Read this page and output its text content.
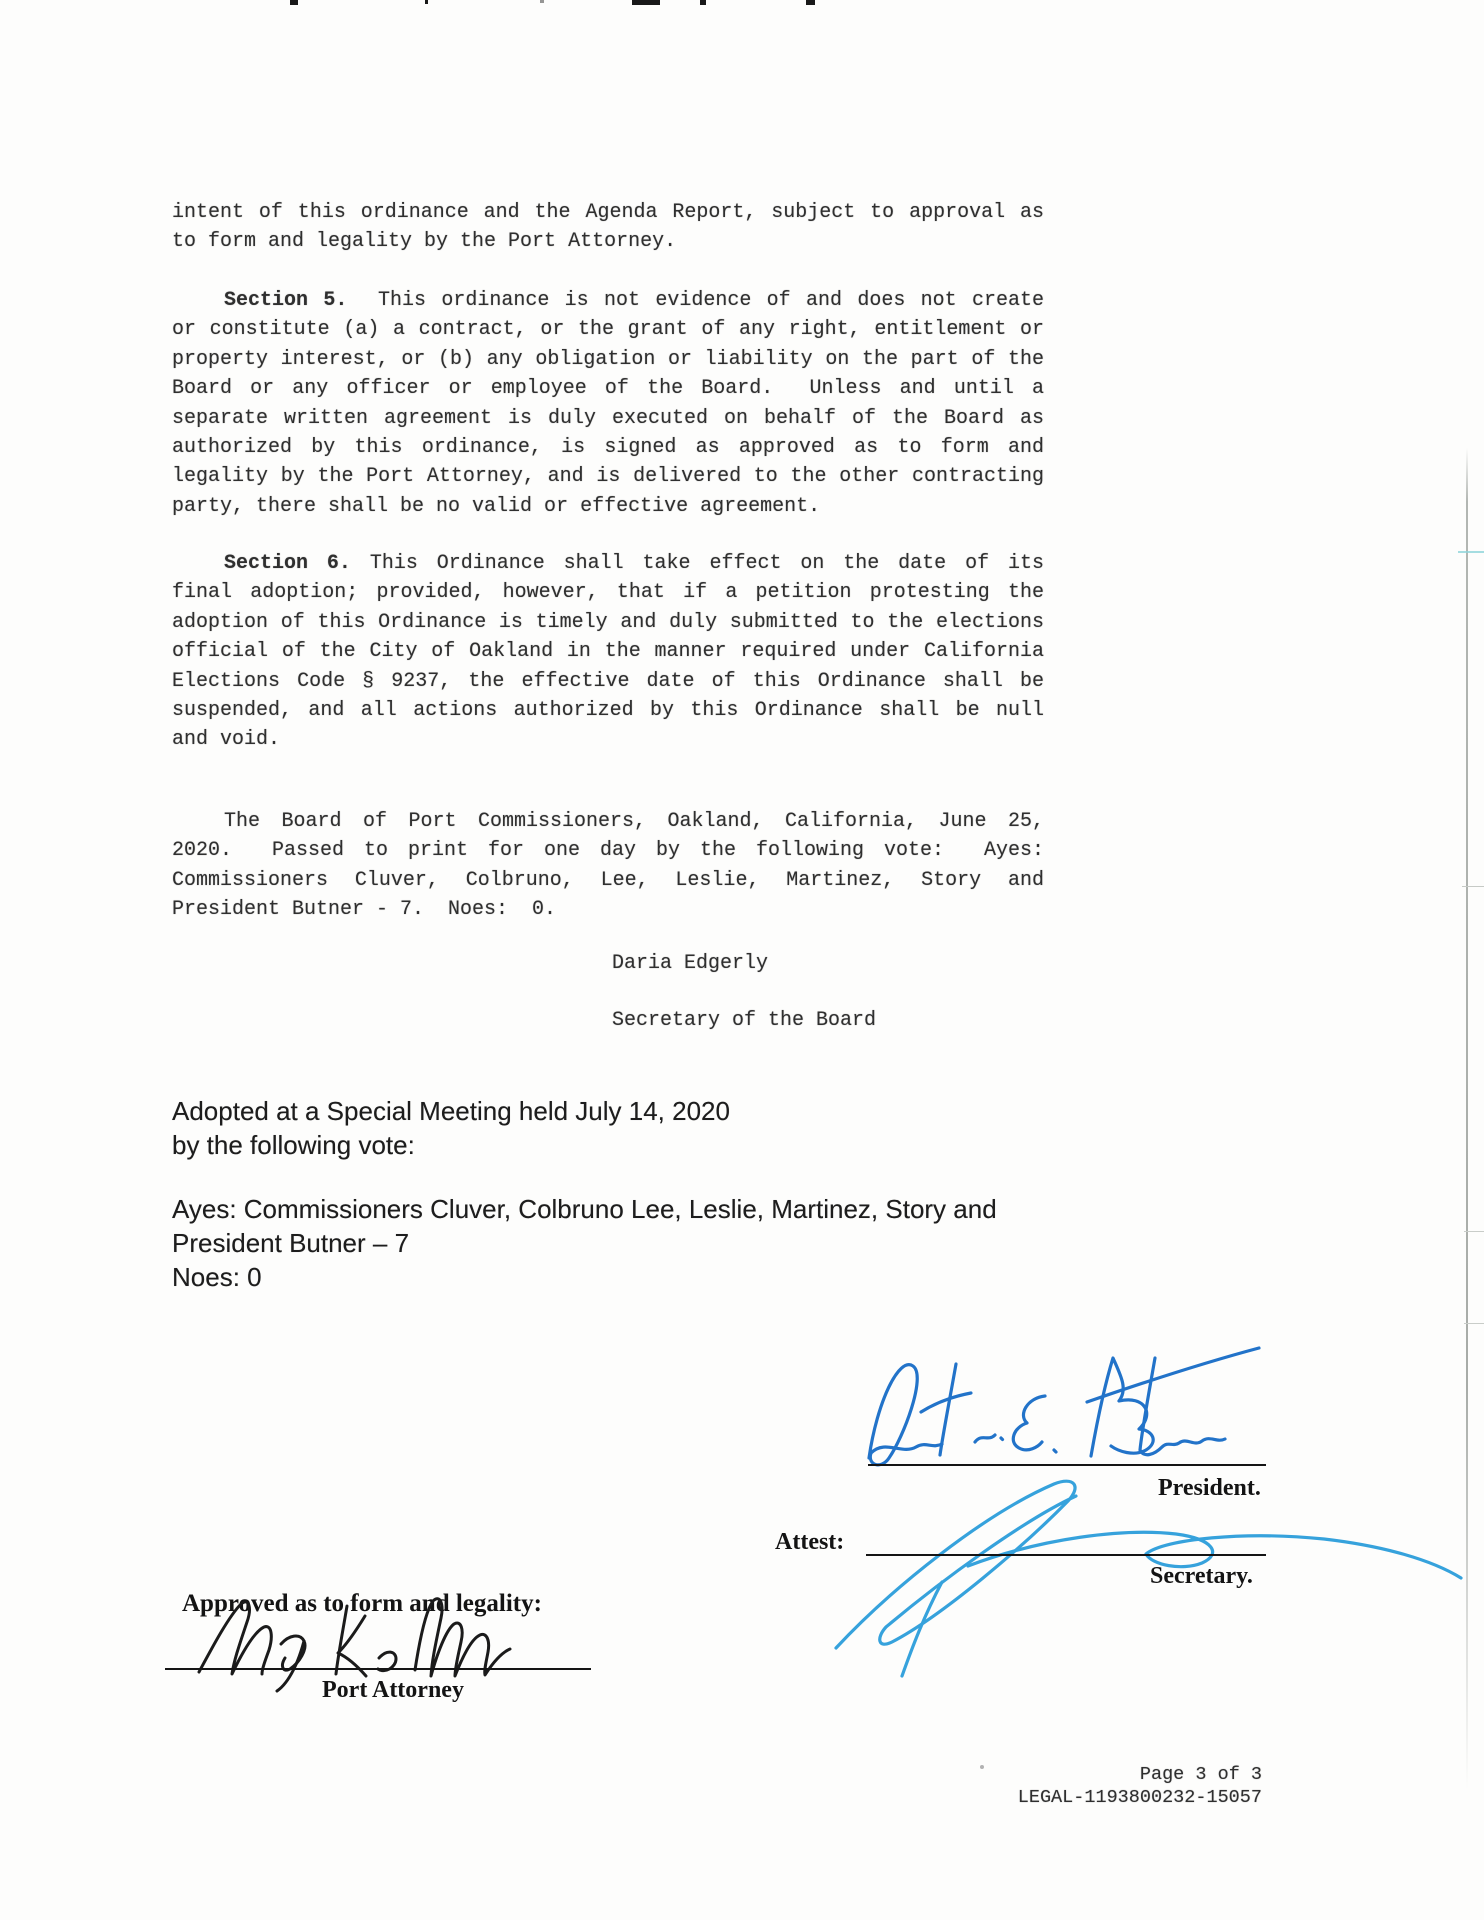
intent of this ordinance and the Agenda Report, subject to approval as
to form and legality by the Port Attorney.
Section 5.  This ordinance is not evidence of and does not create
or constitute (a) a contract, or the grant of any right, entitlement or
property interest, or (b) any obligation or liability on the part of the
Board or any officer or employee of the Board.  Unless and until a
separate written agreement is duly executed on behalf of the Board as
authorized by this ordinance, is signed as approved as to form and
legality by the Port Attorney, and is delivered to the other contracting
party, there shall be no valid or effective agreement.
Section 6. This Ordinance shall take effect on the date of its
final adoption; provided, however, that if a petition protesting the
adoption of this Ordinance is timely and duly submitted to the elections
official of the City of Oakland in the manner required under California
Elections Code § 9237, the effective date of this Ordinance shall be
suspended, and all actions authorized by this Ordinance shall be null
and void.
The Board of Port Commissioners, Oakland, California, June 25,
2020.  Passed to print for one day by the following vote:  Ayes:
Commissioners Cluver, Colbruno, Lee, Leslie, Martinez, Story and
President Butner - 7.  Noes:  0.
Daria Edgerly
Secretary of the Board
Adopted at a Special Meeting held July 14, 2020
by the following vote:
Ayes: Commissioners Cluver, Colbruno Lee, Leslie, Martinez, Story and
President Butner – 7
Noes: 0
President.
Attest:
Secretary.
Approved as to form and legality:
Port Attorney
Page 3 of 3
LEGAL-1193800232-15057
